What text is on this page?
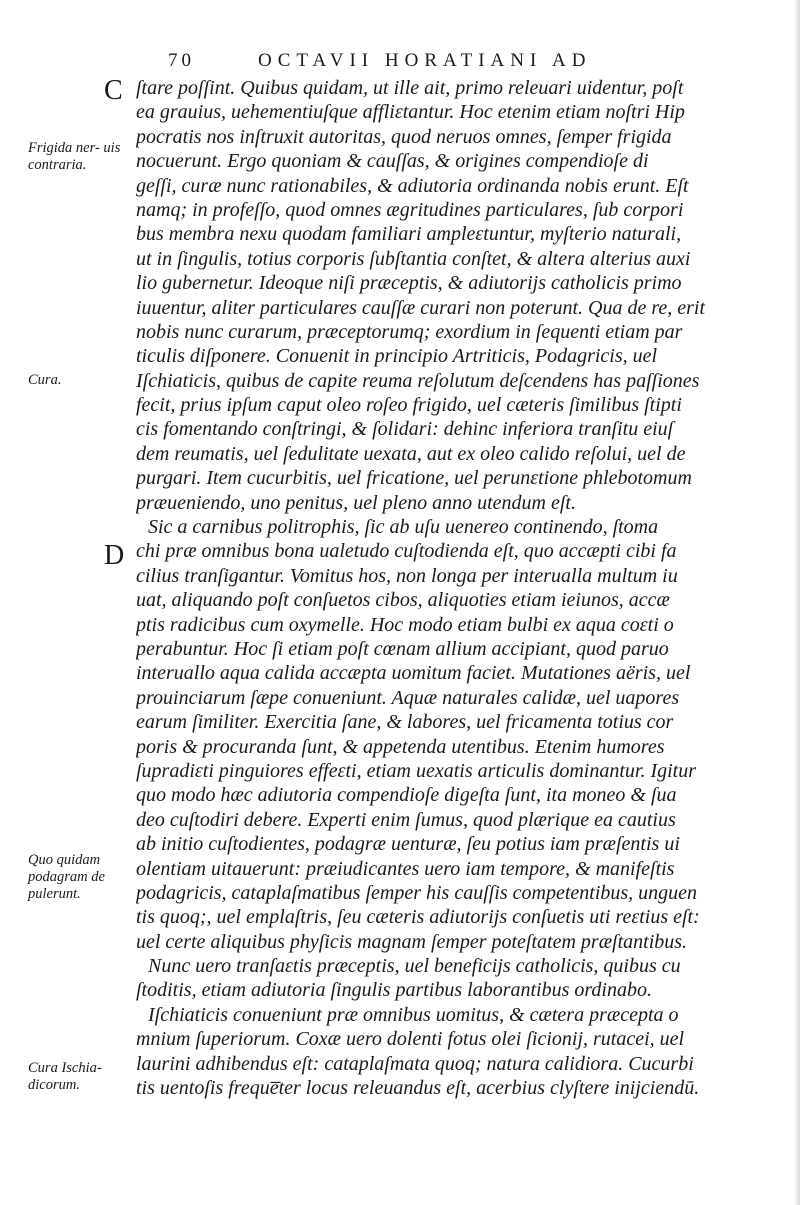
70	OCTAVII HORATIANI AD
C
D
Frigida ner- uis contraria.
Cura.
Quo quidam podagram de pulerunt.
Cura Ischia- dicorum.
ſtare poſſint. Quibus quidam, ut ille ait, primo releuari uidentur, poſt
ea grauius, uehementiuſque affliɛtantur. Hoc etenim etiam noſtri Hip
pocratis nos inſtruxit autoritas, quod neruos omnes, ſemper frigida
nocuerunt. Ergo quoniam & cauſſas, & origines compendioſe di
geſſi, curæ nunc rationabiles, & adiutoria ordinanda nobis erunt. Eſt
namq; in profeſſo, quod omnes ægritudines particulares, ſub corpori
bus membra nexu quodam familiari ampleɛtuntur, myſterio naturali,
ut in ſingulis, totius corporis ſubſtantia conſtet, & altera alterius auxi
lio gubernetur. Ideoque niſi præceptis, & adiutorijs catholicis primo
iuuentur, aliter particulares cauſſæ curari non poterunt. Qua de re, erit
nobis nunc curarum, præceptorumq; exordium in ſequenti etiam par
ticulis diſponere. Conuenit in principio Artriticis, Podagricis, uel
Iſchiaticis, quibus de capite reuma reſolutum deſcendens has paſſiones
fecit, prius ipſum caput oleo roſeo frigido, uel cæteris ſimilibus ſtipti
cis fomentando conſtringi, & ſolidari: dehinc inferiora tranſitu eiuſ
dem reumatis, uel ſedulitate uexata, aut ex oleo calido reſolui, uel de
purgari. Item cucurbitis, uel fricatione, uel perunɛtione phlebotomum
præueniendo, uno penitus, uel pleno anno utendum eſt.
Sic a carnibus politrophis, ſic ab uſu uenereo continendo, ſtoma
chi præ omnibus bona ualetudo cuſtodienda eſt, quo accæpti cibi fa
cilius tranſigantur. Vomitus hos, non longa per interualla multum iu
uat, aliquando poſt conſuetos cibos, aliquoties etiam ieiunos, accæ
ptis radicibus cum oxymelle. Hoc modo etiam bulbi ex aqua coɛti o
perabuntur. Hoc ſi etiam poſt cœnam allium accipiant, quod paruo
interuallo aqua calida accæpta uomitum faciet. Mutationes aëris, uel
prouinciarum ſæpe conueniunt. Aquæ naturales calidæ, uel uapores
earum ſimiliter. Exercitia ſane, & labores, uel fricamenta totius cor
poris & procuranda ſunt, & appetenda utentibus. Etenim humores
ſupradiɛti pinguiores effeɛti, etiam uexatis articulis dominantur. Igitur
quo modo hæc adiutoria compendioſe digeſta ſunt, ita moneo & ſua
deo cuſtodiri debere. Experti enim ſumus, quod plærique ea cautius
ab initio cuſtodientes, podagræ uenturæ, ſeu potius iam præſentis ui
olentiam uitauerunt: præiudicantes uero iam tempore, & manifeſtis
podagricis, cataplaſmatibus ſemper his cauſſis competentibus, unguen
tis quoq;, uel emplaſtris, ſeu cæteris adiutorijs conſuetis uti reɛtius eſt:
uel certe aliquibus phyſicis magnam ſemper poteſtatem præſtantibus.
Nunc uero tranſaɛtis præceptis, uel beneficijs catholicis, quibus cu
ſtoditis, etiam adiutoria ſingulis partibus laborantibus ordinabo.
Iſchiaticis conueniunt præ omnibus uomitus, & cætera præcepta o
mnium ſuperiorum. Coxæ uero dolenti fotus olei ſicionij, rutacei, uel
laurini adhibendus eſt: cataplaſmata quoq; natura calidiora. Cucurbi
tis uentoſis freque̅ter locus releuandus eſt, acerbius clyſtere inijciendū.
